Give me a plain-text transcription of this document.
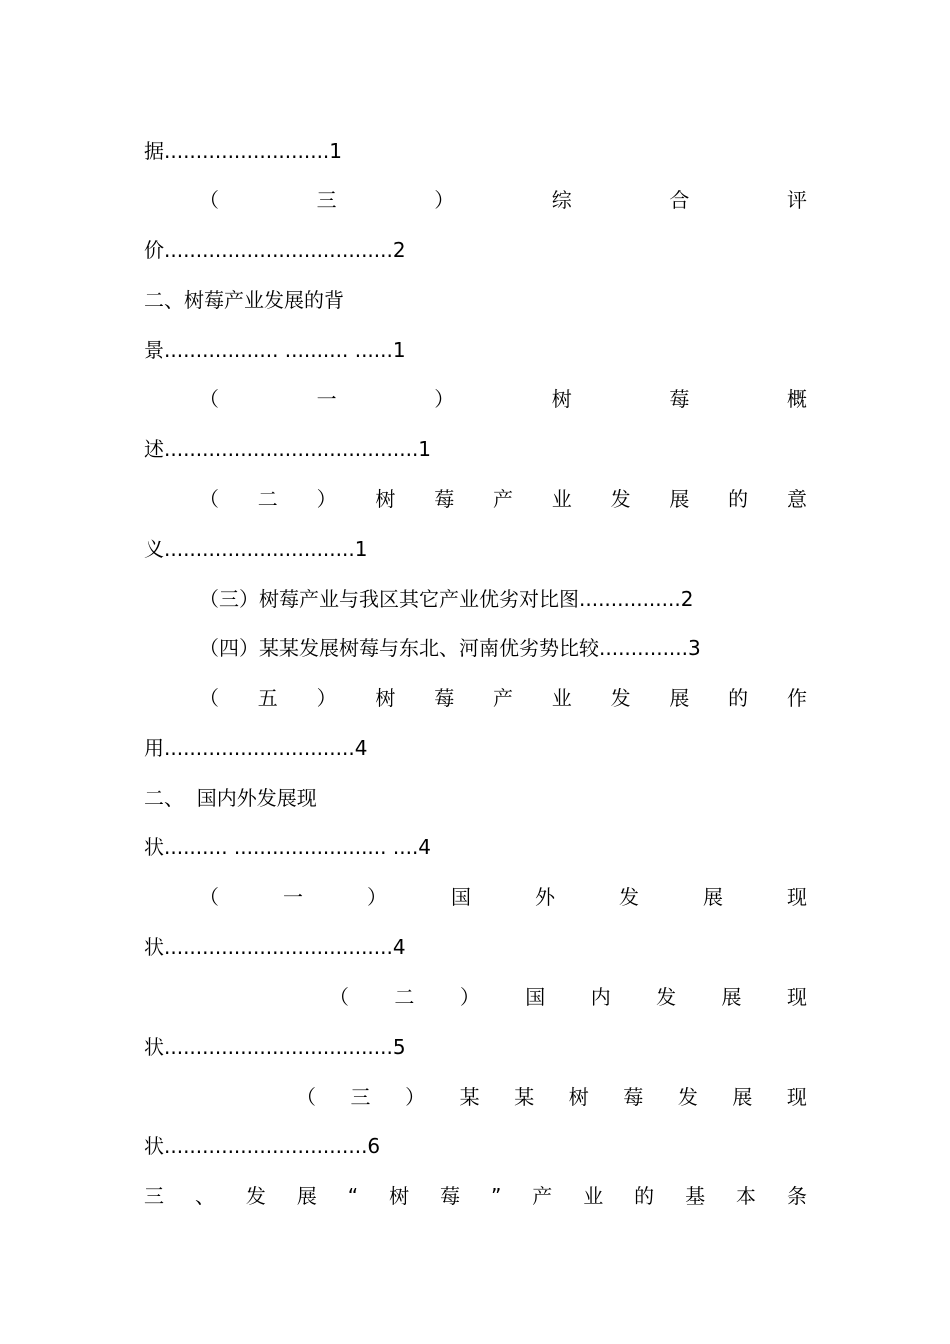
据..........................1
（	三	）	综	合	评
价....................................2
二、树莓产业发展的背
景.................. .......... ......1
（	一	）	树	莓	概
述........................................1
（ 二 ） 树 莓 产 业 发 展 的 意
义..............................1
（三）树莓产业与我区其它产业优劣对比图................2
（四）某某发展树莓与东北、河南优劣势比较..............3
（ 五 ） 树 莓 产 业 发 展 的 作
用..............................4
二、  国内外发展现
状.......... ........................ ....4
（	一	）	国	外	发	展	现
状....................................4
（ 二 ） 国 内 发 展 现
状....................................5
（ 三 ） 某 某 树 莓 发 展 现
状................................6
三 、 发 展 “ 树 莓 ” 产 业 的 基 本 条
